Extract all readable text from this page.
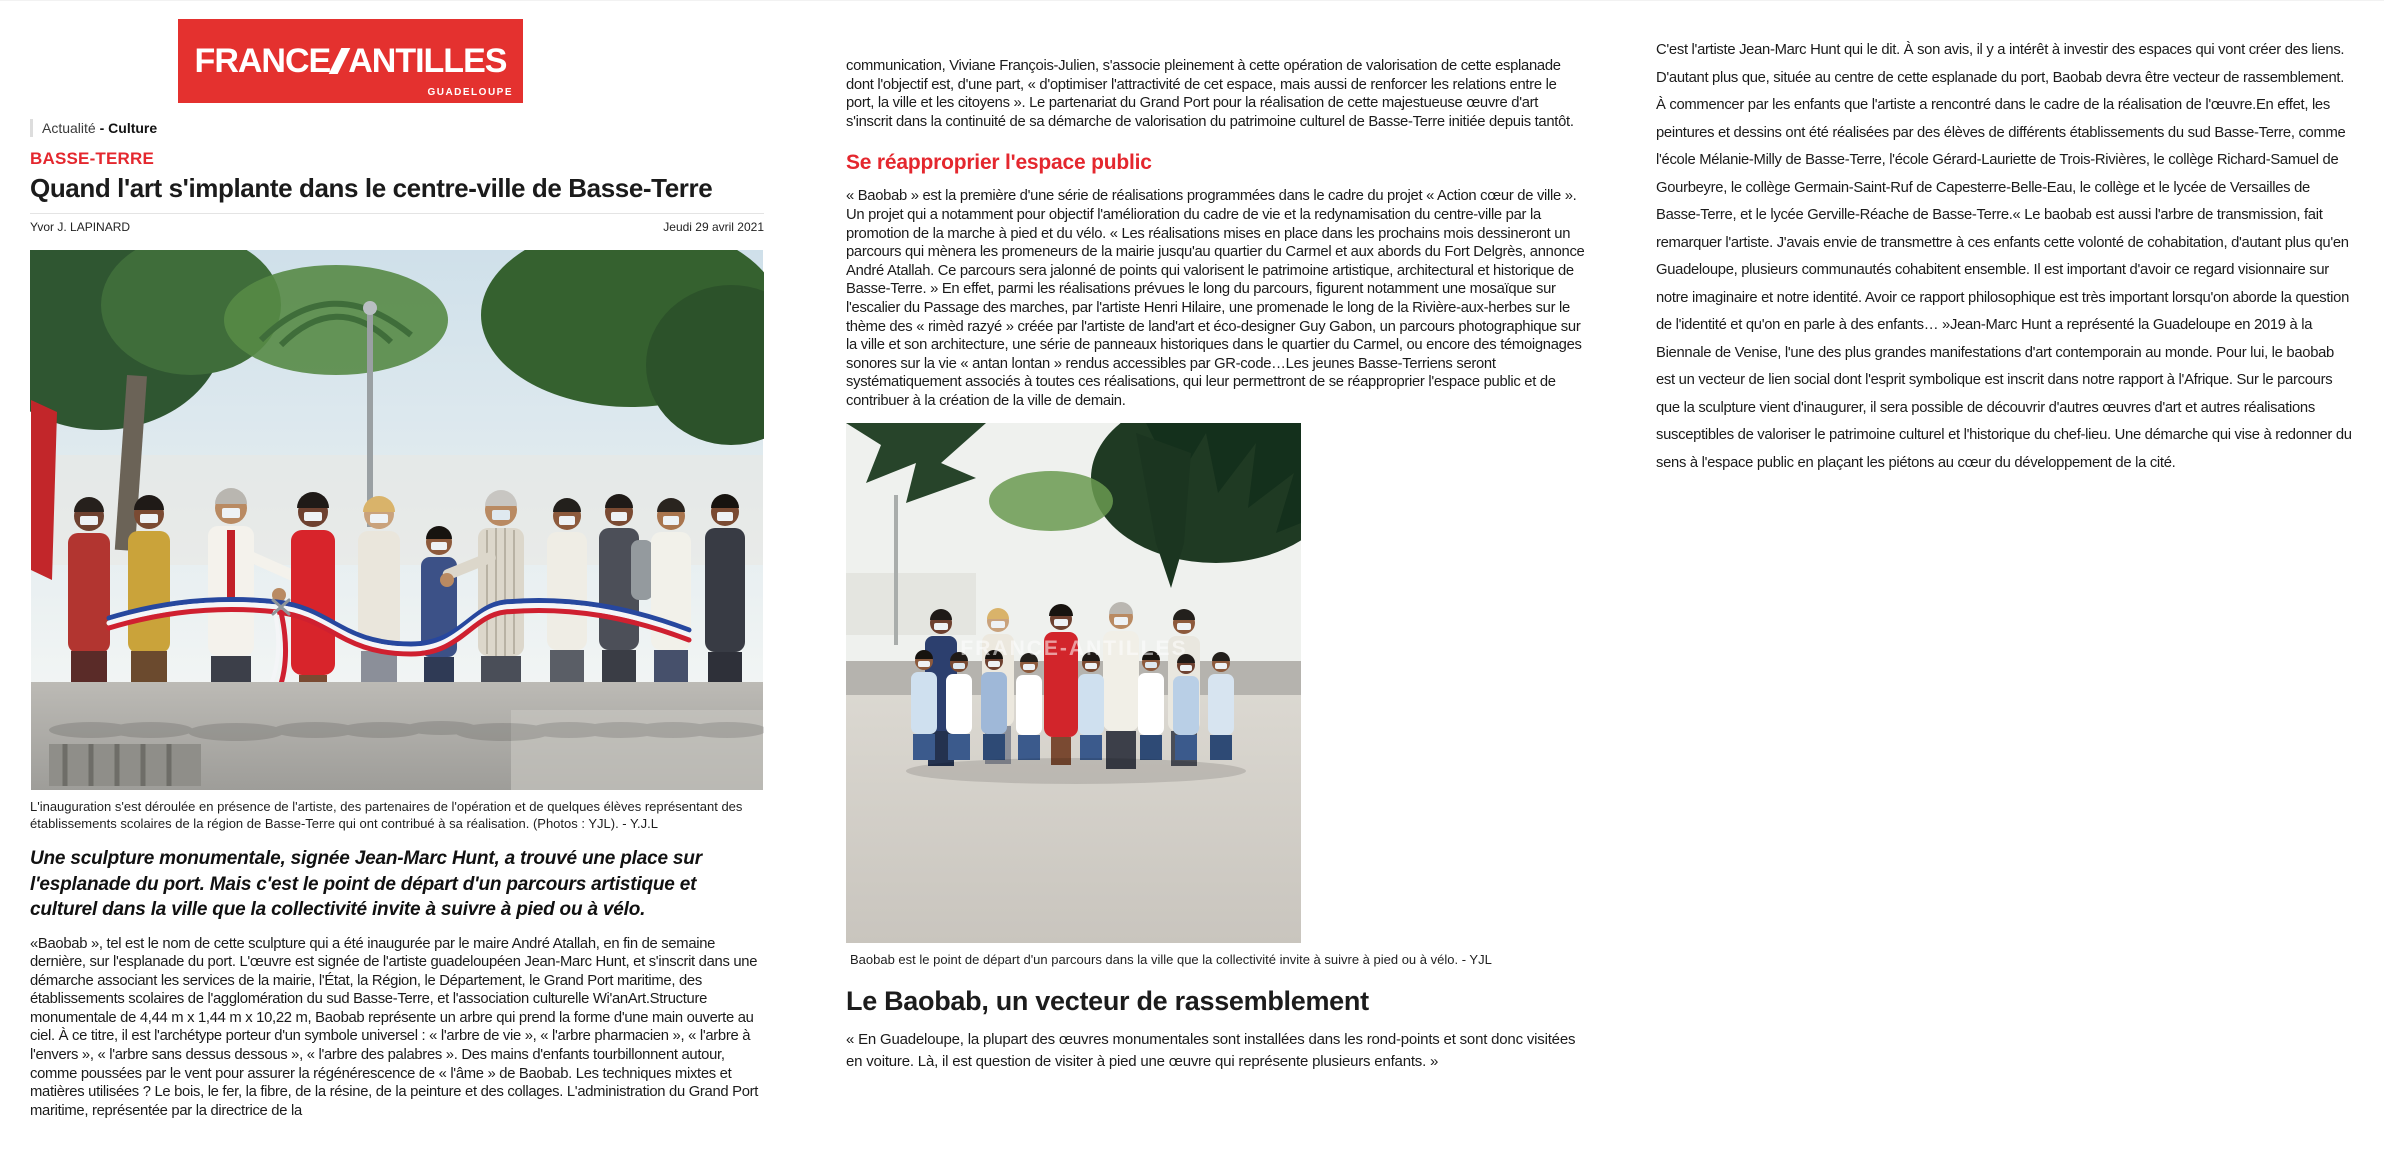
FRANCE ANTILLES
GUADELOUPE
Actualité - Culture
BASSE-TERRE
Quand l'art s'implante dans le centre-ville de Basse-Terre
Yvor J. LAPINARD	Jeudi 29 avril 2021
L'inauguration s'est déroulée en présence de l'artiste, des partenaires de l'opération et de quelques élèves représentant des établissements scolaires de la région de Basse-Terre qui ont contribué à sa réalisation. (Photos : YJL). - Y.J.L
Une sculpture monumentale, signée Jean-Marc Hunt, a trouvé une place sur l'esplanade du port. Mais c'est le point de départ d'un parcours artistique et culturel dans la ville que la collectivité invite à suivre à pied ou à vélo.
«Baobab », tel est le nom de cette sculpture qui a été inaugurée par le maire André Atallah, en fin de semaine dernière, sur l'esplanade du port. L'œuvre est signée de l'artiste guadeloupéen Jean-Marc Hunt, et s'inscrit dans une démarche associant les services de la mairie, l'État, la Région, le Département, le Grand Port maritime, des établissements scolaires de l'agglomération du sud Basse-Terre, et l'association culturelle Wi'anArt.Structure monumentale de 4,44 m x 1,44 m x 10,22 m, Baobab représente un arbre qui prend la forme d'une main ouverte au ciel. À ce titre, il est l'archétype porteur d'un symbole universel : « l'arbre de vie », « l'arbre pharmacien », « l'arbre à l'envers », « l'arbre sans dessus dessous », « l'arbre des palabres ». Des mains d'enfants tourbillonnent autour, comme poussées par le vent pour assurer la régénérescence de « l'âme » de Baobab. Les techniques mixtes et matières utilisées ? Le bois, le fer, la fibre, de la résine, de la peinture et des collages. L'administration du Grand Port maritime, représentée par la directrice de la
communication, Viviane François-Julien, s'associe pleinement à cette opération de valorisation de cette esplanade dont l'objectif est, d'une part, « d'optimiser l'attractivité de cet espace, mais aussi de renforcer les relations entre le port, la ville et les citoyens ». Le partenariat du Grand Port pour la réalisation de cette majestueuse œuvre d'art s'inscrit dans la continuité de sa démarche de valorisation du patrimoine culturel de Basse-Terre initiée depuis tantôt.
Se réapproprier l'espace public
« Baobab » est la première d'une série de réalisations programmées dans le cadre du projet « Action cœur de ville ». Un projet qui a notamment pour objectif l'amélioration du cadre de vie et la redynamisation du centre-ville par la promotion de la marche à pied et du vélo. « Les réalisations mises en place dans les prochains mois dessineront un parcours qui mènera les promeneurs de la mairie jusqu'au quartier du Carmel et aux abords du Fort Delgrès, annonce André Atallah. Ce parcours sera jalonné de points qui valorisent le patrimoine artistique, architectural et historique de Basse-Terre. » En effet, parmi les réalisations prévues le long du parcours, figurent notamment une mosaïque sur l'escalier du Passage des marches, par l'artiste Henri Hilaire, une promenade le long de la Rivière-aux-herbes sur le thème des « rimèd razyé » créée par l'artiste de land'art et éco-designer Guy Gabon, un parcours photographique sur la ville et son architecture, une série de panneaux historiques dans le quartier du Carmel, ou encore des témoignages sonores sur la vie « antan lontan » rendus accessibles par GR-code…Les jeunes Basse-Terriens seront systématiquement associés à toutes ces réalisations, qui leur permettront de se réapproprier l'espace public et de contribuer à la création de la ville de demain.
FRANCE-ANTILLES
Baobab est le point de départ d'un parcours dans la ville que la collectivité invite à suivre à pied ou à vélo. - YJL
Le Baobab, un vecteur de rassemblement
« En Guadeloupe, la plupart des œuvres monumentales sont installées dans les rond-points et sont donc visitées en voiture. Là, il est question de visiter à pied une œuvre qui représente plusieurs enfants. »
C'est l'artiste Jean-Marc Hunt qui le dit. À son avis, il y a intérêt à investir des espaces qui vont créer des liens. D'autant plus que, située au centre de cette esplanade du port, Baobab devra être vecteur de rassemblement. À commencer par les enfants que l'artiste a rencontré dans le cadre de la réalisation de l'œuvre.En effet, les peintures et dessins ont été réalisées par des élèves de différents établissements du sud Basse-Terre, comme l'école Mélanie-Milly de Basse-Terre, l'école Gérard-Lauriette de Trois-Rivières, le collège Richard-Samuel de Gourbeyre, le collège Germain-Saint-Ruf de Capesterre-Belle-Eau, le collège et le lycée de Versailles de Basse-Terre, et le lycée Gerville-Réache de Basse-Terre.« Le baobab est aussi l'arbre de transmission, fait remarquer l'artiste. J'avais envie de transmettre à ces enfants cette volonté de cohabitation, d'autant plus qu'en Guadeloupe, plusieurs communautés cohabitent ensemble. Il est important d'avoir ce regard visionnaire sur notre imaginaire et notre identité. Avoir ce rapport philosophique est très important lorsqu'on aborde la question de l'identité et qu'on en parle à des enfants… »Jean-Marc Hunt a représenté la Guadeloupe en 2019 à la Biennale de Venise, l'une des plus grandes manifestations d'art contemporain au monde. Pour lui, le baobab est un vecteur de lien social dont l'esprit symbolique est inscrit dans notre rapport à l'Afrique. Sur le parcours que la sculpture vient d'inaugurer, il sera possible de découvrir d'autres œuvres d'art et autres réalisations susceptibles de valoriser le patrimoine culturel et l'historique du chef-lieu. Une démarche qui vise à redonner du sens à l'espace public en plaçant les piétons au cœur du développement de la cité.
